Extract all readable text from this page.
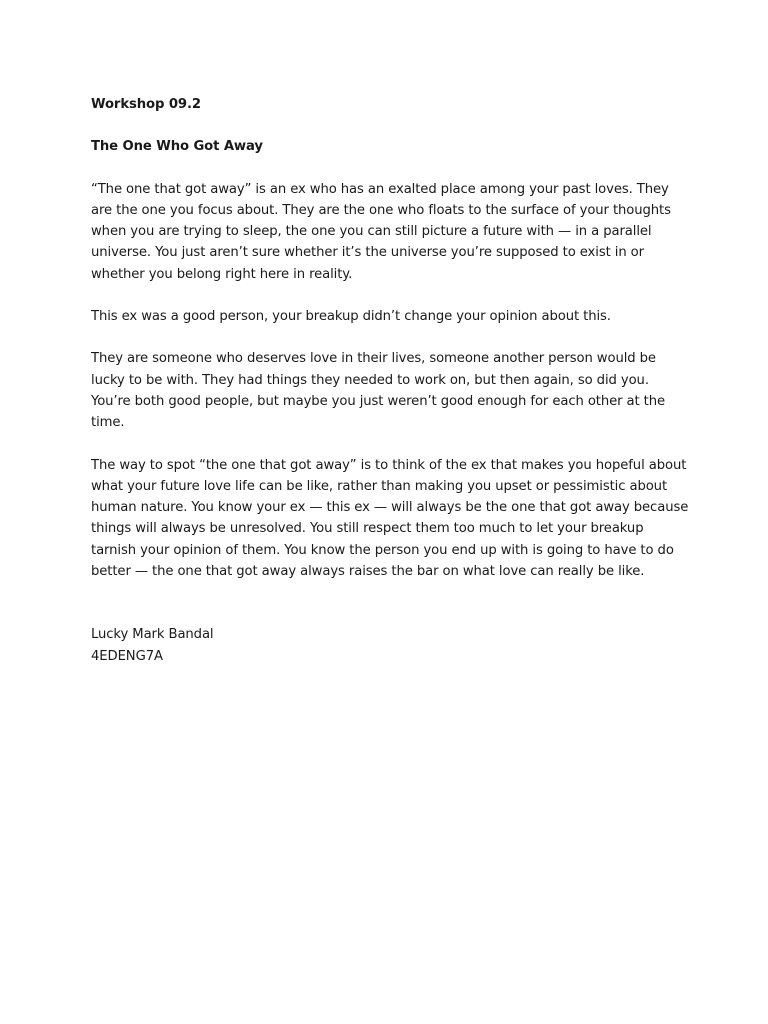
Workshop 09.2

The One Who Got Away

“The one that got away” is an ex who has an exalted place among your past loves. They are the one you focus about. They are the one who floats to the surface of your thoughts when you are trying to sleep, the one you can still picture a future with — in a parallel universe. You just aren’t sure whether it’s the universe you’re supposed to exist in or whether you belong right here in reality.

This ex was a good person, your breakup didn’t change your opinion about this.

They are someone who deserves love in their lives, someone another person would be lucky to be with. They had things they needed to work on, but then again, so did you. You’re both good people, but maybe you just weren’t good enough for each other at the time.

The way to spot “the one that got away” is to think of the ex that makes you hopeful about what your future love life can be like, rather than making you upset or pessimistic about human nature. You know your ex — this ex — will always be the one that got away because things will always be unresolved. You still respect them too much to let your breakup tarnish your opinion of them. You know the person you end up with is going to have to do better — the one that got away always raises the bar on what love can really be like.

Lucky Mark Bandal

4EDENG7A
